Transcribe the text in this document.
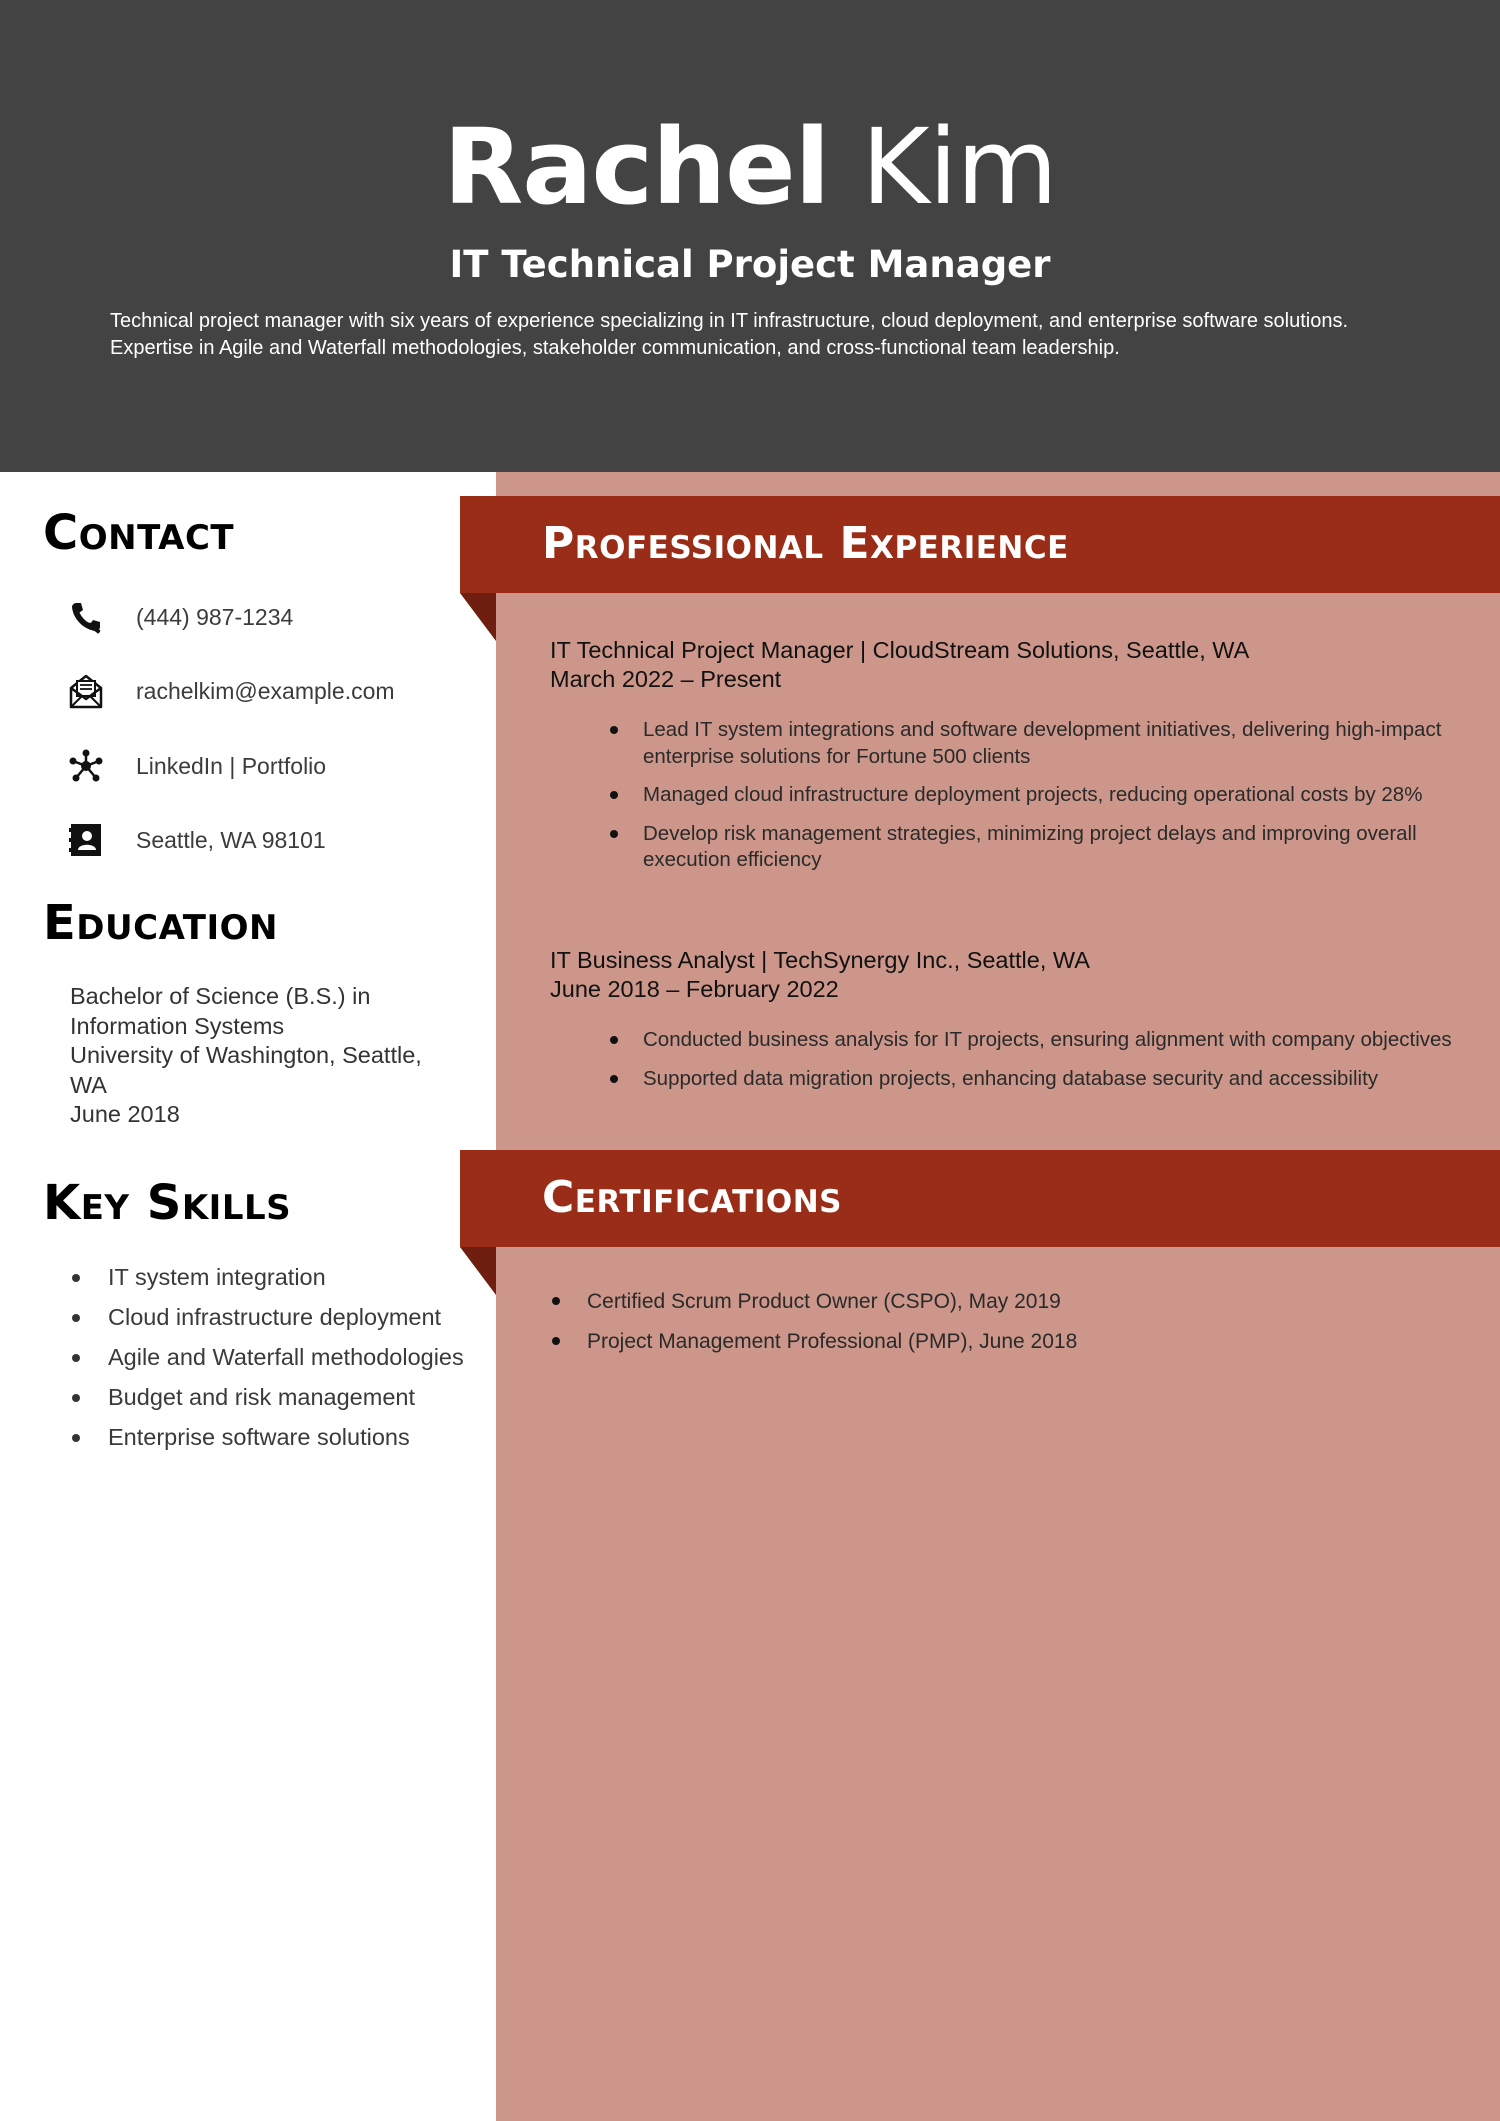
Rachel Kim
IT Technical Project Manager
Technical project manager with six years of experience specializing in IT infrastructure, cloud deployment, and enterprise software solutions. Expertise in Agile and Waterfall methodologies, stakeholder communication, and cross-functional team leadership.
Contact
(444) 987-1234
rachelkim@example.com
LinkedIn | Portfolio
Seattle, WA 98101
Education
Bachelor of Science (B.S.) in
Information Systems
University of Washington, Seattle,
WA
June 2018
Key Skills
IT system integration
Cloud infrastructure deployment
Agile and Waterfall methodologies
Budget and risk management
Enterprise software solutions
Professional Experience
IT Technical Project Manager | CloudStream Solutions, Seattle, WA
March 2022 – Present
Lead IT system integrations and software development initiatives, delivering high-impact enterprise solutions for Fortune 500 clients
Managed cloud infrastructure deployment projects, reducing operational costs by 28%
Develop risk management strategies, minimizing project delays and improving overall execution efficiency
IT Business Analyst | TechSynergy Inc., Seattle, WA
June 2018 – February 2022
Conducted business analysis for IT projects, ensuring alignment with company objectives
Supported data migration projects, enhancing database security and accessibility
Certifications
Certified Scrum Product Owner (CSPO), May 2019
Project Management Professional (PMP), June 2018
